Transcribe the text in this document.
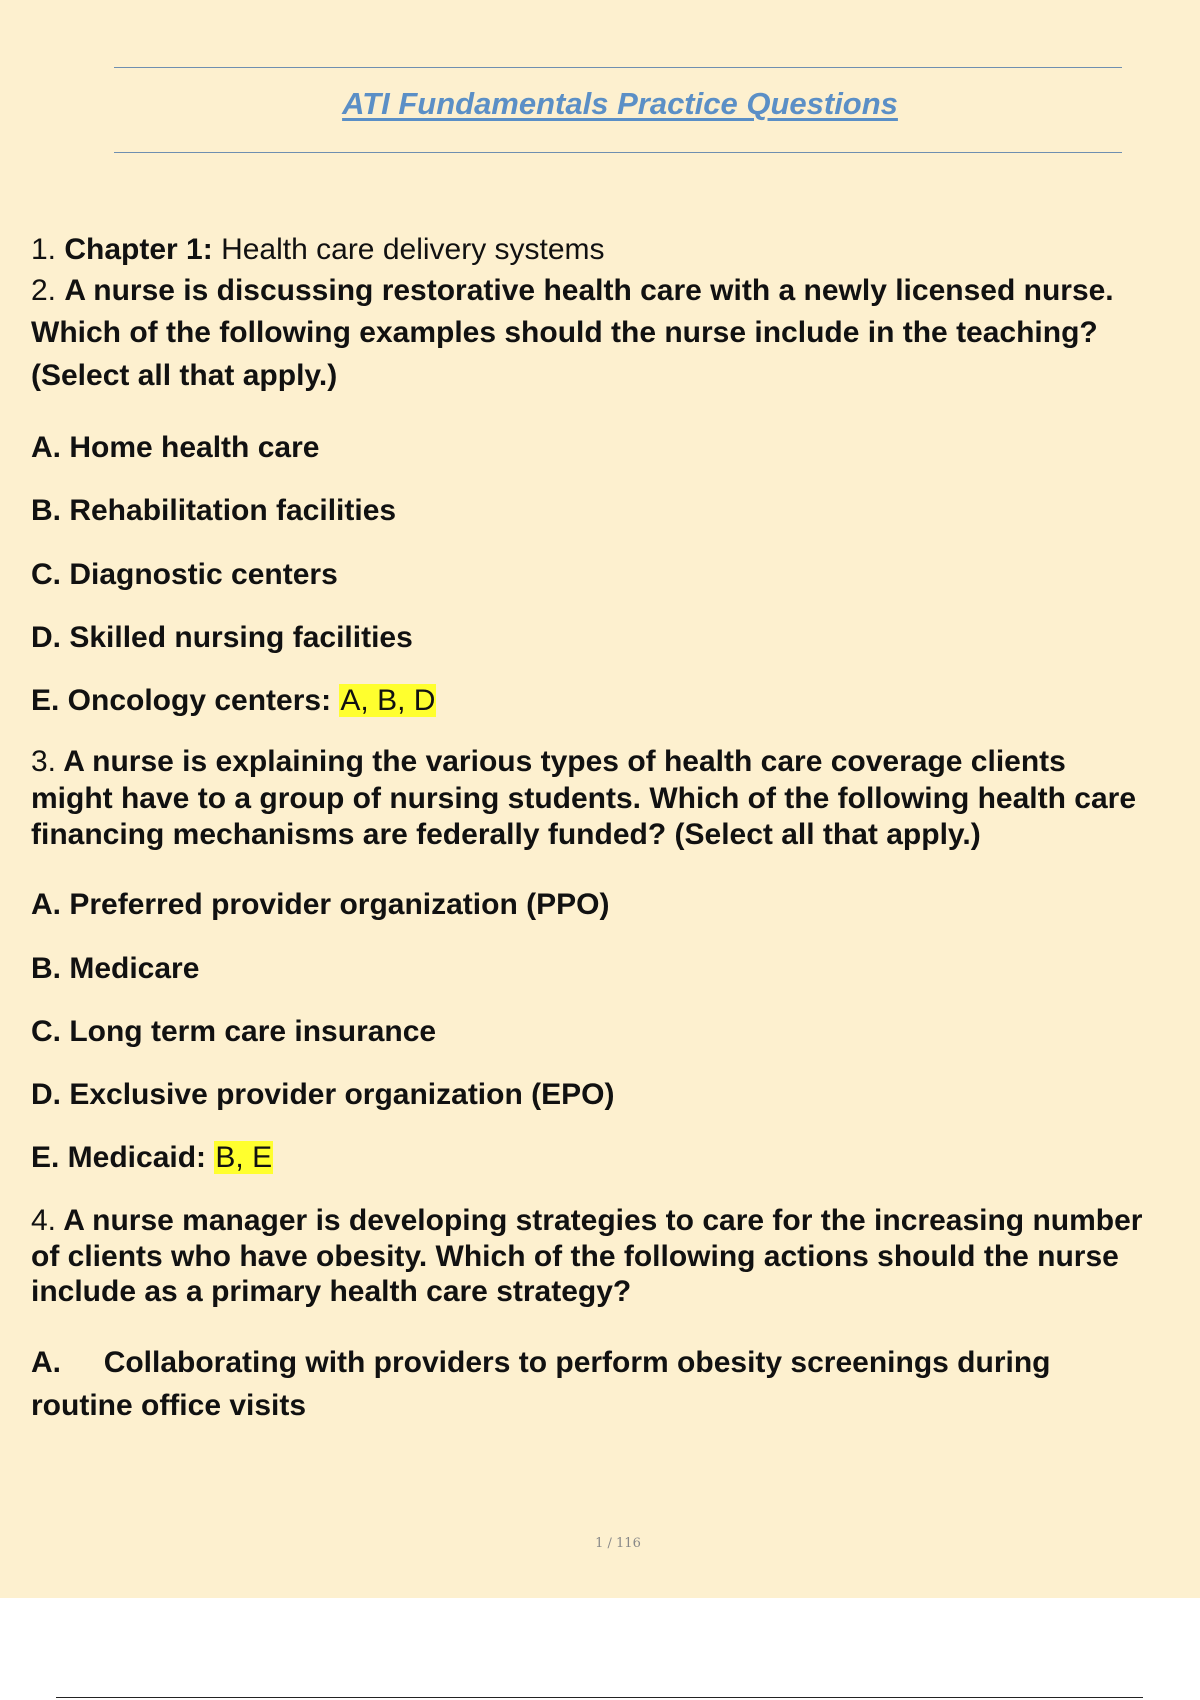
ATI Fundamentals Practice Questions
1. Chapter 1: Health care delivery systems
2. A nurse is discussing restorative health care with a newly licensed nurse.
Which of the following examples should the nurse include in the teaching?
(Select all that apply.)
A. Home health care
B. Rehabilitation facilities
C. Diagnostic centers
D. Skilled nursing facilities
E. Oncology centers: A, B, D
3. A nurse is explaining the various types of health care coverage clients
might have to a group of nursing students. Which of the following health care
financing mechanisms are federally funded? (Select all that apply.)
A. Preferred provider organization (PPO)
B. Medicare
C. Long term care insurance
D. Exclusive provider organization (EPO)
E. Medicaid: B, E
4. A nurse manager is developing strategies to care for the increasing number
of clients who have obesity. Which of the following actions should the nurse
include as a primary health care strategy?
A. Collaborating with providers to perform obesity screenings during
routine office visits
1 / 116
